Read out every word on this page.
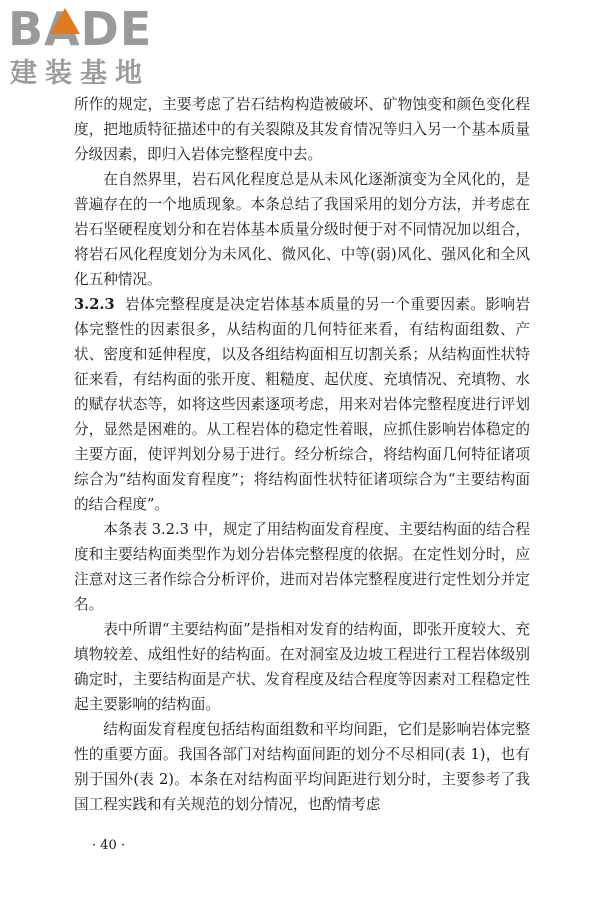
BADE
建装基地

所作的规定，主要考虑了岩石结构构造被破坏、矿物蚀变和颜色变化程度，把地质特征描述中的有关裂隙及其发育情况等归入另一个基本质量分级因素，即归入岩体完整程度中去。

在自然界里，岩石风化程度总是从未风化逐渐演变为全风化的，是普遍存在的一个地质现象。本条总结了我国采用的划分方法，并考虑在岩石坚硬程度划分和在岩体基本质量分级时便于对不同情况加以组合，将岩石风化程度划分为未风化、微风化、中等(弱)风化、强风化和全风化五种情况。

3.2.3 岩体完整程度是决定岩体基本质量的另一个重要因素。影响岩体完整性的因素很多，从结构面的几何特征来看，有结构面组数、产状、密度和延伸程度，以及各组结构面相互切割关系；从结构面性状特征来看，有结构面的张开度、粗糙度、起伏度、充填情况、充填物、水的赋存状态等，如将这些因素逐项考虑，用来对岩体完整程度进行评划分，显然是困难的。从工程岩体的稳定性着眼，应抓住影响岩体稳定的主要方面，使评判划分易于进行。经分析综合，将结构面几何特征诸项综合为“结构面发育程度”；将结构面性状特征诸项综合为“主要结构面的结合程度”。

本条表 3.2.3 中，规定了用结构面发育程度、主要结构面的结合程度和主要结构面类型作为划分岩体完整程度的依据。在定性划分时，应注意对这三者作综合分析评价，进而对岩体完整程度进行定性划分并定名。

表中所谓“主要结构面”是指相对发育的结构面，即张开度较大、充填物较差、成组性好的结构面。在对洞室及边坡工程进行工程岩体级别确定时，主要结构面是产状、发育程度及结合程度等因素对工程稳定性起主要影响的结构面。

结构面发育程度包括结构面组数和平均间距，它们是影响岩体完整性的重要方面。我国各部门对结构面间距的划分不尽相同(表 1)，也有别于国外(表 2)。本条在对结构面平均间距进行划分时，主要参考了我国工程实践和有关规范的划分情况，也酌情考虑

· 40 ·
